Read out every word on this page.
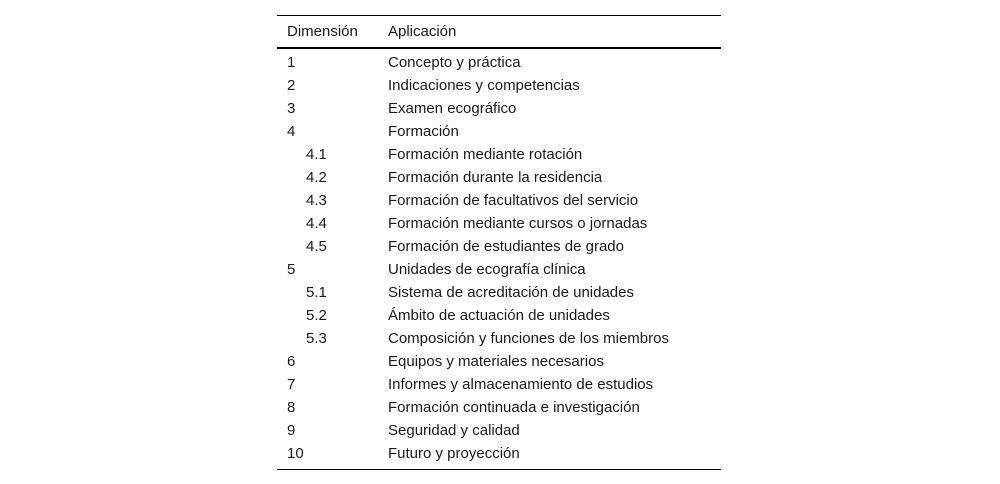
Dimensión	Aplicación
1	Concepto y práctica
2	Indicaciones y competencias
3	Examen ecográfico
4	Formación
4.1	Formación mediante rotación
4.2	Formación durante la residencia
4.3	Formación de facultativos del servicio
4.4	Formación mediante cursos o jornadas
4.5	Formación de estudiantes de grado
5	Unidades de ecografía clínica
5.1	Sistema de acreditación de unidades
5.2	Ámbito de actuación de unidades
5.3	Composición y funciones de los miembros
6	Equipos y materiales necesarios
7	Informes y almacenamiento de estudios
8	Formación continuada e investigación
9	Seguridad y calidad
10	Futuro y proyección
